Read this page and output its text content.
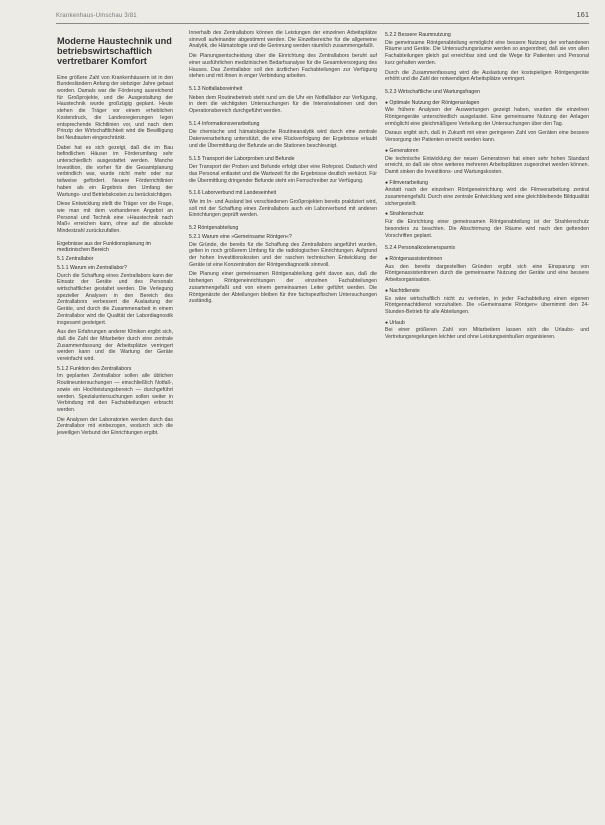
Krankenhaus-Umschau 3/81	161
Moderne Haustechnik und betriebswirtschaftlich vertretbarer Komfort

Eine größere Zahl von Krankenhäusern ist in den Bundesländern Anfang der siebziger Jahre gebaut worden. Damals war die Förderung ausreichend für Großprojekte, und die Ausgestaltung der Haustechnik wurde großzügig geplant. Heute stehen die Träger vor einem erheblichen Kostendruck, die Landesregierungen legen entsprechende Richtlinien vor, und nach dem Prinzip der Wirtschaftlichkeit wird die Bewilligung bei Neubauten eingeschränkt.

Dabei hat es sich gezeigt, daß die im Bau befindlichen Häuser im Förderumfang sehr unterschiedlich ausgestattet werden. Manche Investition, die vorher für die Gesamtplanung verbindlich war, wurde nicht mehr oder nur teilweise gefördert. Neuere Förderrichtlinien haben als ein Ergebnis den Umfang der Wartungs- und Betriebskosten zu berücksichtigen.

Diese Entwicklung stellt die Träger vor die Frage, wie man mit dem vorhandenen Angebot an Personal und Technik eine »Haustechnik nach Maß« erreichen kann, ohne auf die absolute Mindestzahl zurückzufallen.

Ergebnisse aus der Funktionsplanung im medizinischen Bereich
5.1 Zentrallabor
5.1.1 Warum ein Zentrallabor?

Durch die Schaffung eines Zentrallabors kann der Einsatz der Geräte und des Personals wirtschaftlicher gestaltet werden. Die Verlegung spezieller Analysen in den Bereich des Zentrallabors verbessert die Auslastung der Geräte, und durch die Zusammenarbeit in einem Zentrallabor wird die Qualität der Labordiagnostik insgesamt gesteigert.

Aus den Erfahrungen anderer Kliniken ergibt sich, daß die Zahl der Mitarbeiter durch eine zentrale Zusammenfassung der Arbeitsplätze verringert werden kann und die Wartung der Geräte vereinfacht wird.

5.1.2 Funktion des Zentrallabors

Im geplanten Zentrallabor sollen alle üblichen Routineuntersuchungen — einschließlich Notfall-, sowie ein Hochleistungsbereich — durchgeführt werden. Spezialuntersuchungen sollen weiter in Verbindung mit den Fachabteilungen erbracht werden.

Die Analysen der Laboratorien werden durch das Zentrallabor mit einbezogen, wodurch sich die jeweiligen Verbund der Einrichtungen ergibt.

Innerhalb des Zentrallabors können die Leistungen der einzelnen Arbeitsplätze sinnvoll aufeinander abgestimmt werden. Die Einzelbereiche für die allgemeine Analytik, die Hämatologie und die Gerinnung werden räumlich zusammengefaßt.

Die Planungsentscheidung über die Einrichtung des Zentrallabors beruht auf einer ausführlichen medizinischen Bedarfsanalyse für die Gesamtversorgung des Hauses. Das Zentrallabor soll den ärztlichen Fachabteilungen zur Verfügung stehen und mit ihnen in enger Verbindung arbeiten.

5.1.3 Notfallaboreinheit

Neben dem Routinebetrieb steht rund um die Uhr ein Notfalllabor zur Verfügung, in dem die wichtigsten Untersuchungen für die Intensivstationen und den Operationsbereich durchgeführt werden.

5.1.4 Informationsverarbeitung

Die chemische und hämatologische Routineanalytik wird durch eine zentrale Datenverarbeitung unterstützt, die eine Rückverfolgung der Ergebnisse erlaubt und die Übermittlung der Befunde an die Stationen beschleunigt.

5.1.5 Transport der Laborproben und Befunde

Der Transport der Proben und Befunde erfolgt über eine Rohrpost. Dadurch wird das Personal entlastet und die Wartezeit für die Ergebnisse deutlich verkürzt. Für die Übermittlung dringender Befunde steht ein Fernschreiber zur Verfügung.

5.1.6 Laborverbund mit Landeseinheit

Wie im In- und Ausland bei verschiedenen Großprojekten bereits praktiziert wird, soll mit der Schaffung eines Zentrallabors auch ein Laborverbund mit anderen Einrichtungen geprüft werden.

5.2 Röntgenabteilung
5.2.1 Warum eine »Gemeinsame Röntgen«?

Die Gründe, die bereits für die Schaffung des Zentrallabors angeführt wurden, gelten in noch größerem Umfang für die radiologischen Einrichtungen. Aufgrund der hohen Investitionskosten und der raschen technischen Entwicklung der Geräte ist eine Konzentration der Röntgendiagnostik sinnvoll.

Die Planung einer gemeinsamen Röntgenabteilung geht davon aus, daß die bisherigen Röntgeneinrichtungen der einzelnen Fachabteilungen zusammengefaßt und von einem gemeinsamen Leiter geführt werden. Die Röntgenärzte der Abteilungen bleiben für ihre fachspezifischen Untersuchungen zuständig.

5.2.2 Bessere Raumnutzung

Die gemeinsame Röntgenabteilung ermöglicht eine bessere Nutzung der vorhandenen Räume und Geräte. Die Untersuchungsräume werden so angeordnet, daß sie von allen Fachabteilungen gleich gut erreichbar sind und die Wege für Patienten und Personal kurz gehalten werden.

Durch die Zusammenfassung wird die Auslastung der kostspieligen Röntgengeräte erhöht und die Zahl der notwendigen Arbeitsplätze verringert.

5.2.3 Wirtschaftliche und Wartungsfragen
● Optimale Nutzung der Röntgenanlagen

Wie frühere Analysen der Auswertungen gezeigt haben, wurden die einzelnen Röntgengeräte unterschiedlich ausgelastet. Eine gemeinsame Nutzung der Anlagen ermöglicht eine gleichmäßigere Verteilung der Untersuchungen über den Tag.

Daraus ergibt sich, daß in Zukunft mit einer geringeren Zahl von Geräten eine bessere Versorgung der Patienten erreicht werden kann.

● Generatoren

Die technische Entwicklung der neuen Generatoren hat einen sehr hohen Standard erreicht, so daß sie ohne weiteres mehreren Arbeitsplätzen zugeordnet werden können. Damit sinken die Investitions- und Wartungskosten.

● Filmverarbeitung

Anstatt nach der einzelnen Röntgeneinrichtung wird die Filmverarbeitung zentral zusammengefaßt. Durch eine zentrale Entwicklung wird eine gleichbleibende Bildqualität sichergestellt.

● Strahlenschutz

Für die Einrichtung einer gemeinsamen Röntgenabteilung ist der Strahlenschutz besonders zu beachten. Die Abschirmung der Räume wird nach den geltenden Vorschriften geplant.

5.2.4 Personalkostenersparnis
● Röntgenassistentinnen

Aus den bereits dargestellten Gründen ergibt sich eine Einsparung von Röntgenassistentinnen durch die gemeinsame Nutzung der Geräte und eine bessere Arbeitsorganisation.

● Nachtdienste

Es wäre wirtschaftlich nicht zu vertreten, in jeder Fachabteilung einen eigenen Röntgennachtdienst vorzuhalten. Die »Gemeinsame Röntgen« übernimmt den 24-Stunden-Betrieb für alle Abteilungen.

● Urlaub

Bei einer größeren Zahl von Mitarbeitern lassen sich die Urlaubs- und Vertretungsregelungen leichter und ohne Leistungseinbußen organisieren.
